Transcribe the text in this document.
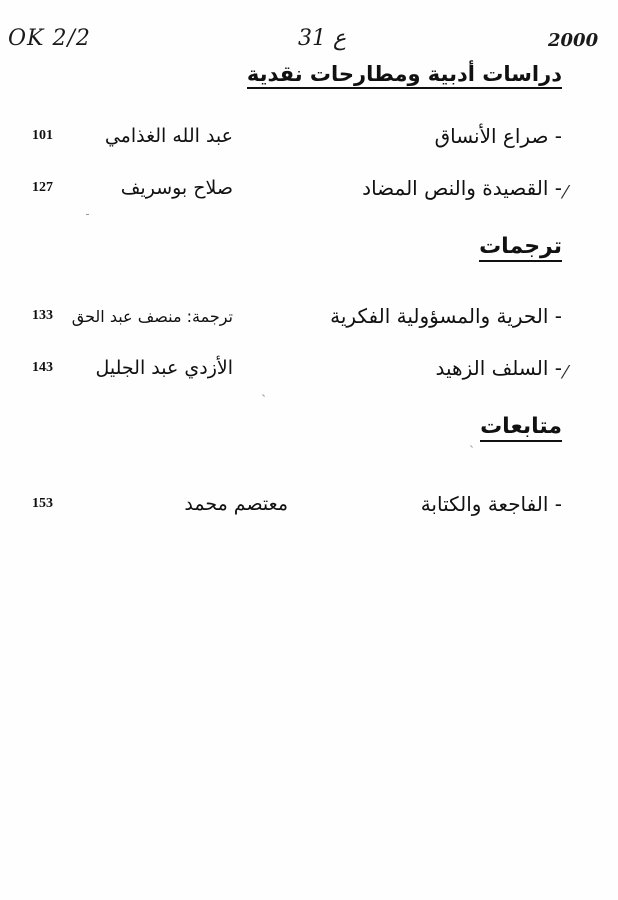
OK 2/2	31 ع	2000
دراسات أدبية ومطارحات نقدية
- صراع الأنساق
عبد الله الغذامي
101
⁄
- القصيدة والنص المضاد
صلاح بوسريف
127
ترجمات
- الحرية والمسؤولية الفكرية
ترجمة: منصف عبد الحق
133
⁄
- السلف الزهيد
الأزدي عبد الجليل
143
متابعات
- الفاجعة والكتابة
معتصم محمد
153
